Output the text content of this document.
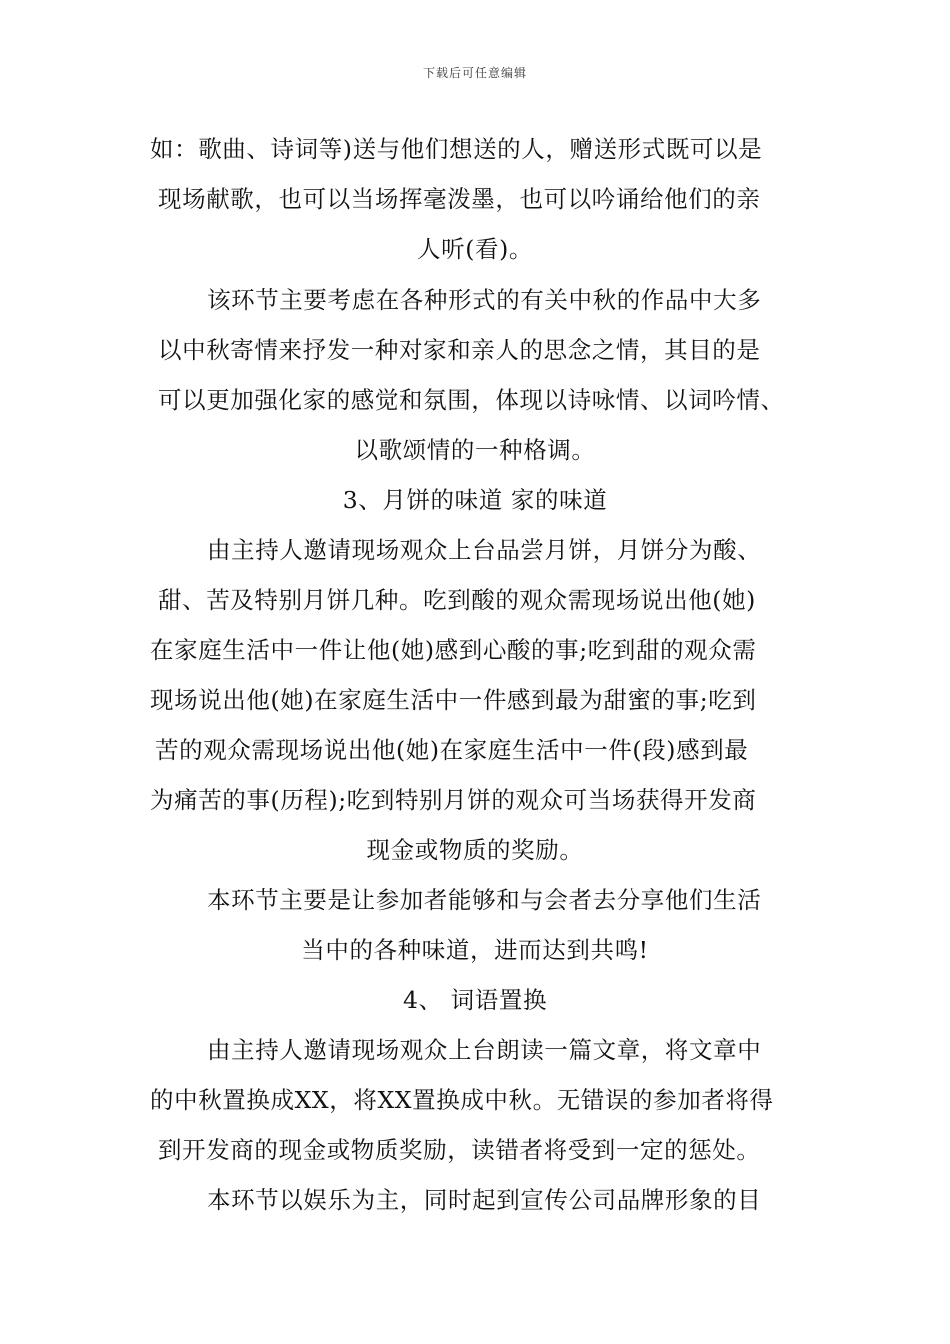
下载后可任意编辑
如：歌曲、诗词等)送与他们想送的人，赠送形式既可以是
现场献歌，也可以当场挥毫泼墨，也可以吟诵给他们的亲
人听(看)。
该环节主要考虑在各种形式的有关中秋的作品中大多
以中秋寄情来抒发一种对家和亲人的思念之情，其目的是
可以更加强化家的感觉和氛围，体现以诗咏情、以词吟情、
以歌颂情的一种格调。
3、月饼的味道 家的味道
由主持人邀请现场观众上台品尝月饼，月饼分为酸、
甜、苦及特别月饼几种。吃到酸的观众需现场说出他(她)
在家庭生活中一件让他(她)感到心酸的事;吃到甜的观众需
现场说出他(她)在家庭生活中一件感到最为甜蜜的事;吃到
苦的观众需现场说出他(她)在家庭生活中一件(段)感到最
为痛苦的事(历程);吃到特别月饼的观众可当场获得开发商
现金或物质的奖励。
本环节主要是让参加者能够和与会者去分享他们生活
当中的各种味道，进而达到共鸣!
4、 词语置换
由主持人邀请现场观众上台朗读一篇文章，将文章中
的中秋置换成XX，将XX置换成中秋。无错误的参加者将得
到开发商的现金或物质奖励，读错者将受到一定的惩处。
本环节以娱乐为主，同时起到宣传公司品牌形象的目
